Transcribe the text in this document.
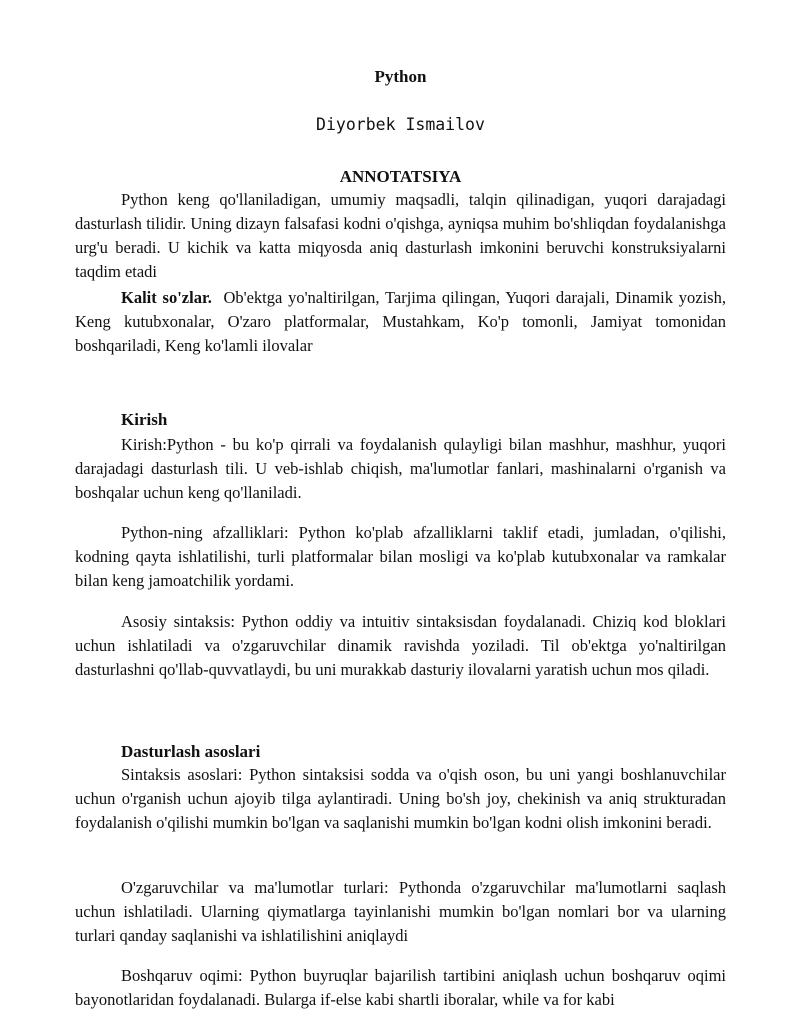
Python
Diyorbek Ismailov
ANNOTATSIYA

Python keng qo'llaniladigan, umumiy maqsadli, talqin qilinadigan, yuqori darajadagi dasturlash tilidir. Uning dizayn falsafasi kodni o'qishga, ayniqsa muhim bo'shliqdan foydalanishga urg'u beradi. U kichik va katta miqyosda aniq dasturlash imkonini beruvchi konstruksiyalarni taqdim etadi

Kalit so'zlar. Ob'ektga yo'naltirilgan, Tarjima qilingan, Yuqori darajali, Dinamik yozish, Keng kutubxonalar, O'zaro platformalar, Mustahkam, Ko'p tomonli, Jamiyat tomonidan boshqariladi, Keng ko'lamli ilovalar

Kirish

Kirish:Python - bu ko'p qirrali va foydalanish qulayligi bilan mashhur, mashhur, yuqori darajadagi dasturlash tili. U veb-ishlab chiqish, ma'lumotlar fanlari, mashinalarni o'rganish va boshqalar uchun keng qo'llaniladi.

Python-ning afzalliklari: Python ko'plab afzalliklarni taklif etadi, jumladan, o'qilishi, kodning qayta ishlatilishi, turli platformalar bilan mosligi va ko'plab kutubxonalar va ramkalar bilan keng jamoatchilik yordami.

Asosiy sintaksis: Python oddiy va intuitiv sintaksisdan foydalanadi. Chiziq kod bloklari uchun ishlatiladi va o'zgaruvchilar dinamik ravishda yoziladi. Til ob'ektga yo'naltirilgan dasturlashni qo'llab-quvvatlaydi, bu uni murakkab dasturiy ilovalarni yaratish uchun mos qiladi.

Dasturlash asoslari

Sintaksis asoslari: Python sintaksisi sodda va o'qish oson, bu uni yangi boshlanuvchilar uchun o'rganish uchun ajoyib tilga aylantiradi. Uning bo'sh joy, chekinish va aniq strukturadan foydalanish o'qilishi mumkin bo'lgan va saqlanishi mumkin bo'lgan kodni olish imkonini beradi.

O'zgaruvchilar va ma'lumotlar turlari: Pythonda o'zgaruvchilar ma'lumotlarni saqlash uchun ishlatiladi. Ularning qiymatlarga tayinlanishi mumkin bo'lgan nomlari bor va ularning turlari qanday saqlanishi va ishlatilishini aniqlaydi

Boshqaruv oqimi: Python buyruqlar bajarilish tartibini aniqlash uchun boshqaruv oqimi bayonotlaridan foydalanadi. Bularga if-else kabi shartli iboralar, while va for kabi
